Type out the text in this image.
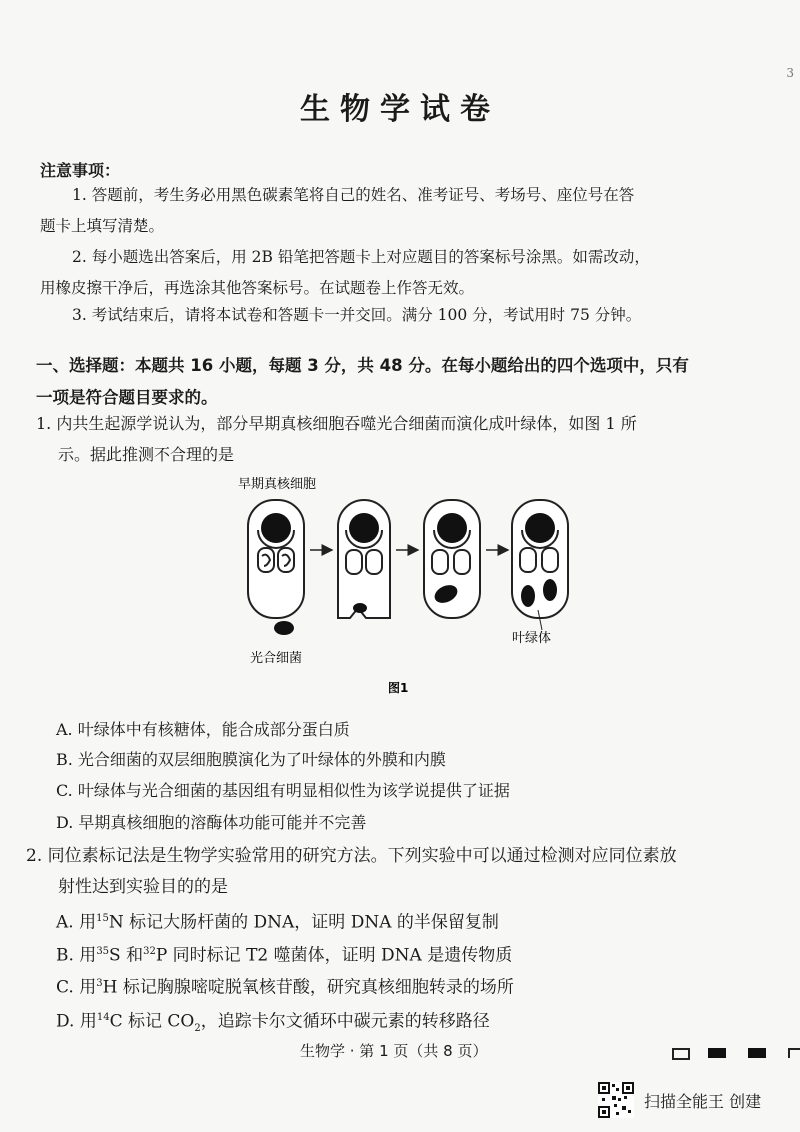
3
生物学试卷
注意事项：
1. 答题前，考生务必用黑色碳素笔将自己的姓名、准考证号、考场号、座位号在答
题卡上填写清楚。
2. 每小题选出答案后，用 2B 铅笔把答题卡上对应题目的答案标号涂黑。如需改动，
用橡皮擦干净后，再选涂其他答案标号。在试题卷上作答无效。
3. 考试结束后，请将本试卷和答题卡一并交回。满分 100 分，考试用时 75 分钟。
一、选择题：本题共 16 小题，每题 3 分，共 48 分。在每小题给出的四个选项中，只有
一项是符合题目要求的。
1. 内共生起源学说认为，部分早期真核细胞吞噬光合细菌而演化成叶绿体，如图 1 所
示。据此推测不合理的是
早期真核细胞
光合细菌
叶绿体
图1
A. 叶绿体中有核糖体，能合成部分蛋白质
B. 光合细菌的双层细胞膜演化为了叶绿体的外膜和内膜
C. 叶绿体与光合细菌的基因组有明显相似性为该学说提供了证据
D. 早期真核细胞的溶酶体功能可能并不完善
2. 同位素标记法是生物学实验常用的研究方法。下列实验中可以通过检测对应同位素放
射性达到实验目的的是
A. 用$^{15}$N 标记大肠杆菌的 DNA，证明 DNA 的半保留复制
B. 用$^{35}$S 和$^{32}$P 同时标记 T2 噬菌体，证明 DNA 是遗传物质
C. 用$^3$H 标记胸腺嘧啶脱氧核苷酸，研究真核细胞转录的场所
D. 用$^{14}$C 标记 $CO_2$，追踪卡尔文循环中碳元素的转移路径
生物学 · 第 1 页（共 8 页）
扫描全能王 创建
